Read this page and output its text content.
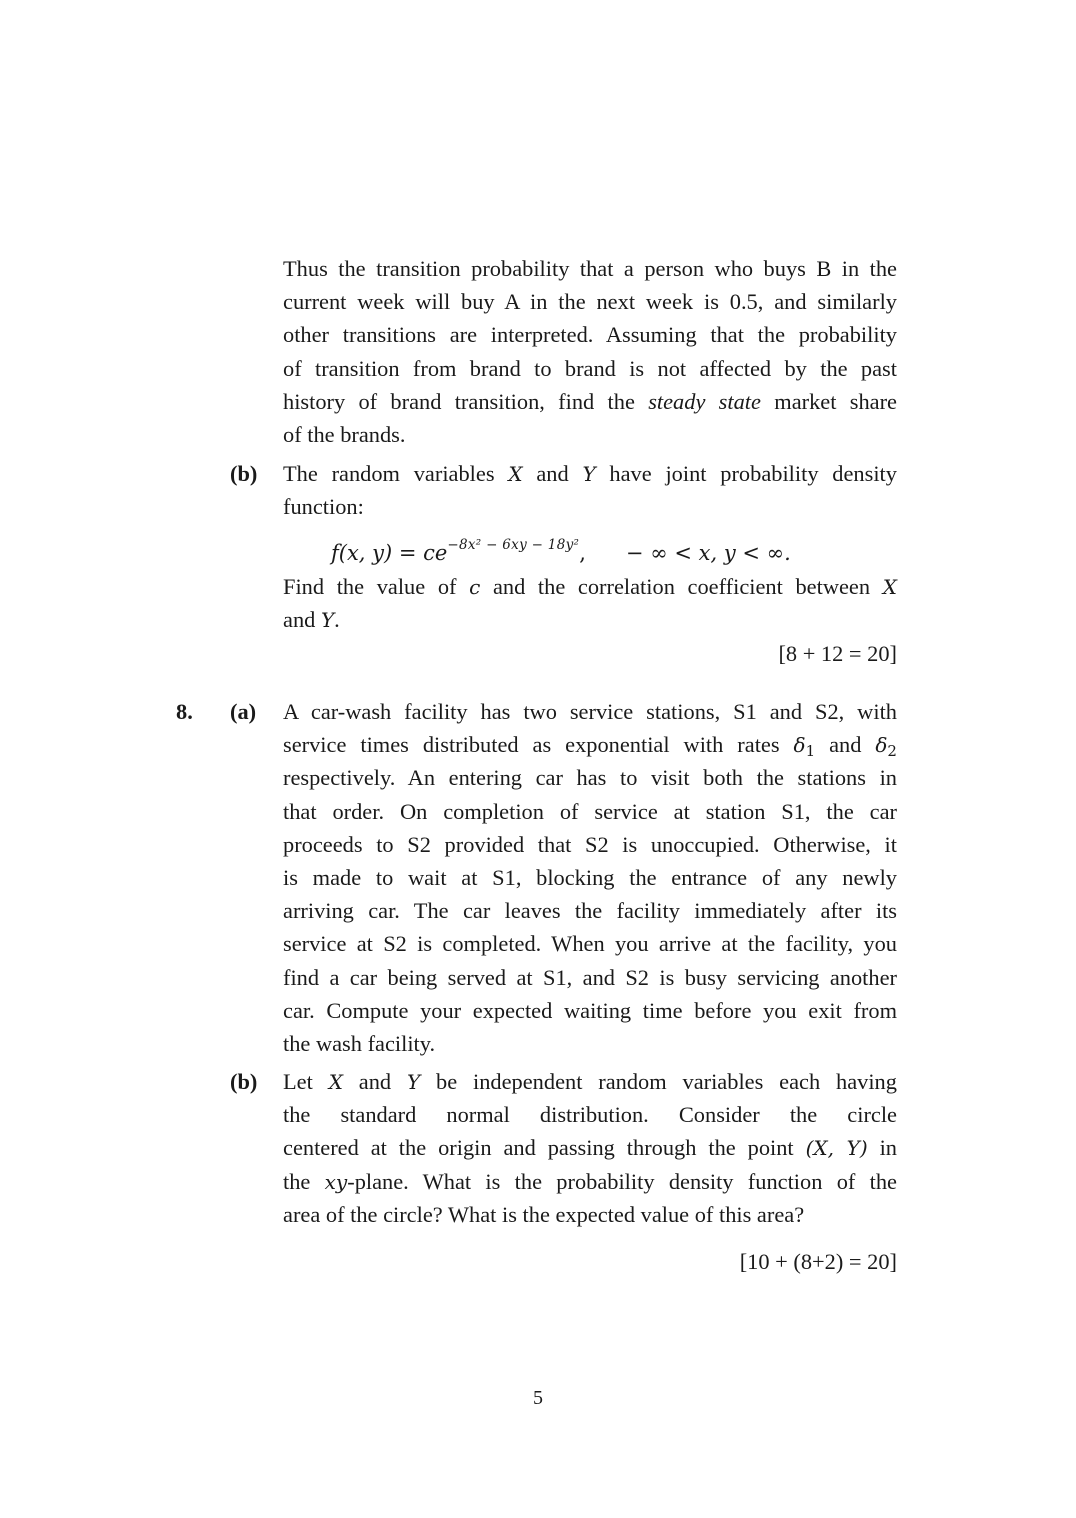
Thus the transition probability that a person who buys B in the
current week will buy A in the next week is 0.5, and similarly
other transitions are interpreted. Assuming that the probability
of transition from brand to brand is not affected by the past
history of brand transition, find the steady state market share
of the brands.
(b) The random variables X and Y have joint probability density
function:
f(x, $y) = ce^{-8x^2 - 6xy - 18y^2}$, − ∞ < x, y < ∞.
Find the value of c and the correlation coefficient between X
and Y.
[8 + 12 = 20]
8. (a) A car-wash facility has two service stations, S1 and S2, with
service times distributed as exponential with rates $\delta_1$ and $\delta_2$
respectively. An entering car has to visit both the stations in
that order. On completion of service at station S1, the car
proceeds to S2 provided that S2 is unoccupied. Otherwise, it
is made to wait at S1, blocking the entrance of any newly
arriving car. The car leaves the facility immediately after its
service at S2 is completed. When you arrive at the facility, you
find a car being served at S1, and S2 is busy servicing another
car. Compute your expected waiting time before you exit from
the wash facility.
(b) Let X and Y be independent random variables each having
the standard normal distribution. Consider the circle
centered at the origin and passing through the point (X, Y) in
the xy-plane. What is the probability density function of the
area of the circle? What is the expected value of this area?
[10 + (8+2) = 20]
5
